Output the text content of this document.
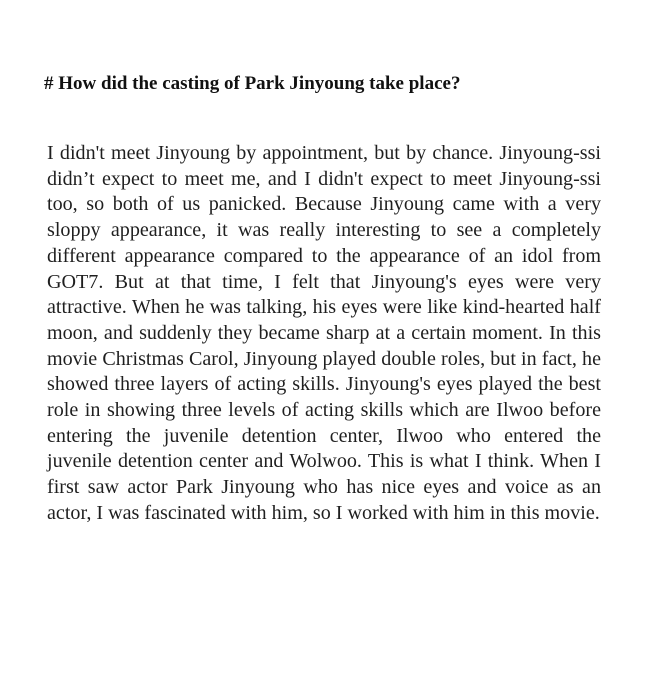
# How did the casting of Park Jinyoung take place?

I didn't meet Jinyoung by appointment, but by chance. Jinyoung-ssi didn’t expect to meet me, and I didn't expect to meet Jinyoung-ssi too, so both of us panicked. Because Jinyoung came with a very sloppy appearance, it was really interesting to see a completely different appearance compared to the appearance of an idol from GOT7. But at that time, I felt that Jinyoung's eyes were very attractive. When he was talking, his eyes were like kind-hearted half moon, and suddenly they became sharp at a certain moment. In this movie Christmas Carol, Jinyoung played double roles, but in fact, he showed three layers of acting skills. Jinyoung's eyes played the best role in showing three levels of acting skills which are Ilwoo before entering the juvenile detention center, Ilwoo who entered the juvenile detention center and Wolwoo. This is what I think. When I first saw actor Park Jinyoung who has nice eyes and voice as an actor, I was fascinated with him, so I worked with him in this movie.
